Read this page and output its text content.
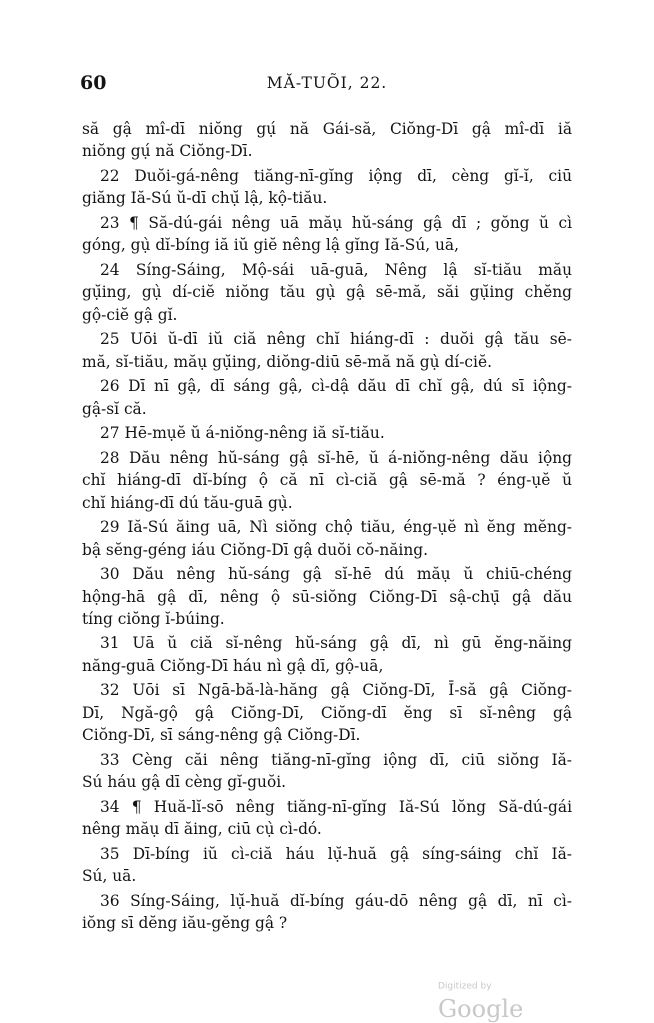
60	MĂ-TUÕI, 22.
să gậ mî-dī niŏng gụ́ nă Gái-să, Ciŏng-Dī gậ mî-dī iă
niŏng gụ́ nă Ciŏng-Dī.
22 Duŏi-gá-nêng tiăng-nī-gĭng iộng dī, cèng gĭ-ĭ, ciū
giăng Iă-Sú ŭ-dī chụ̆ lậ, kộ-tiău.
23 ¶ Să-dú-gái nêng uā măụ hŭ-sáng gậ dī ; gŏng ŭ cì
góng, gụ̀ dĭ-bíng iă iŭ giĕ nêng lậ gĭng Iă-Sú, uā,
24 Síng-Sáing, Mộ-sái uā-guā, Nêng lậ sĭ-tiău măụ
gụ̆ing, gụ̀ dí-ciĕ niŏng tău gụ̀ gậ sē-mă, săi gụ̆ing chĕng
gộ-ciĕ gậ gĭ.
25 Uōi ŭ-dī iŭ ciă nêng chĭ hiáng-dī : duŏi gậ tău sē-
mă, sĭ-tiău, măụ gụ̆ing, diŏng-diū sē-mă nă gụ̀ dí-ciĕ.
26 Dī nī gậ, dī sáng gậ, cì-dậ dău dī chĭ gậ, dú sī iộng-
gậ-sĭ că.
27 Hē-mụĕ ŭ á-niŏng-nêng iă sĭ-tiău.
28 Dău nêng hŭ-sáng gậ sĭ-hē, ŭ á-niŏng-nêng dău iộng
chĭ hiáng-dī dĭ-bíng ộ că nī cì-ciă gậ sē-mă ? éng-ụĕ ŭ
chĭ hiáng-dī dú tău-guā gụ̀.
29 Iă-Sú ăing uā, Nì siŏng chộ tiău, éng-ụĕ nì ĕng mĕng-
bậ sĕng-géng iáu Ciŏng-Dī gậ duŏi cŏ-năing.
30 Dău nêng hŭ-sáng gậ sĭ-hē dú măụ ŭ chiū-chéng
hộng-hā gậ dī, nêng ộ sū-siŏng Ciŏng-Dī sậ-chụ̄ gậ dău
tíng ciŏng ĭ-búing.
31 Uā ŭ ciă sĭ-nêng hŭ-sáng gậ dī, nì gū ĕng-năing
năng-guā Ciŏng-Dī háu nì gậ dī, gộ-uā,
32 Uōi sī Ngā-bă-là-hăng gậ Ciŏng-Dī, Ī-să gậ Ciŏng-
Dī, Ngă-gộ gậ Ciŏng-Dī, Ciŏng-dī ĕng sī sĭ-nêng gậ
Ciŏng-Dī, sī sáng-nêng gậ Ciŏng-Dī.
33 Cèng căi nêng tiăng-nī-gĭng iộng dī, ciū siŏng Iă-
Sú háu gậ dī cèng gĭ-guŏi.
34 ¶ Huă-lĭ-sō nêng tiăng-nī-gĭng Iă-Sú lŏng Să-dú-gái
nêng măụ dī ăing, ciū cụ̀ cì-dó.
35 Dī-bíng iŭ cì-ciă háu lụ̆-huă gậ síng-sáing chĭ Iă-
Sú, uā.
36 Síng-Sáing, lụ̆-huă dĭ-bíng gáu-dō nêng gậ dī, nī cì-
iŏng sī dĕng iău-gĕng gậ ?
Digitized by Google
